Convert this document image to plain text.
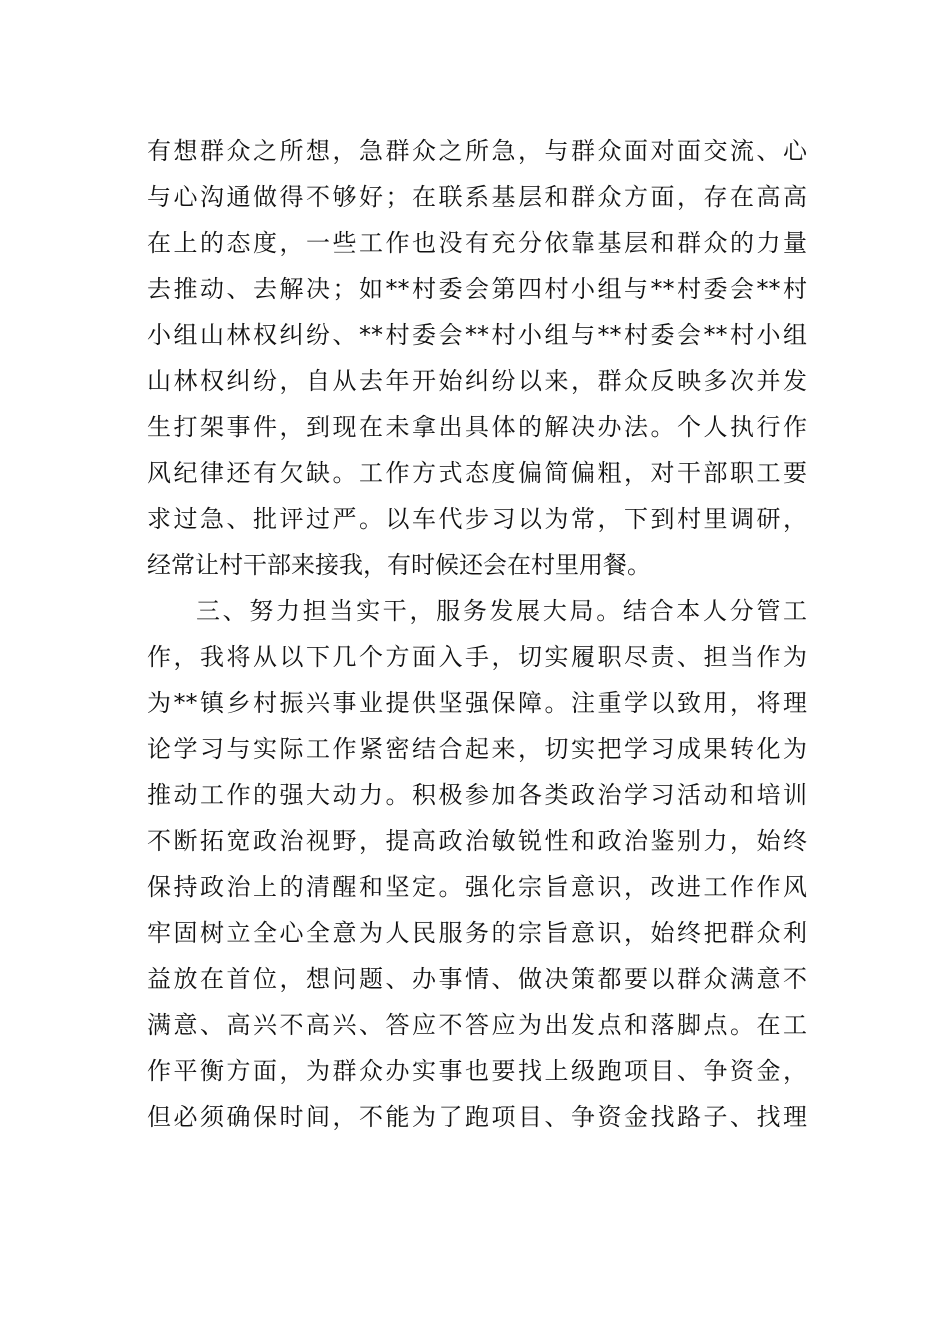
有想群众之所想，急群众之所急，与群众面对面交流、心
与心沟通做得不够好；在联系基层和群众方面，存在高高
在上的态度，一些工作也没有充分依靠基层和群众的力量
去推动、去解决；如**村委会第四村小组与**村委会**村
小组山林权纠纷、**村委会**村小组与**村委会**村小组
山林权纠纷，自从去年开始纠纷以来，群众反映多次并发
生打架事件，到现在未拿出具体的解决办法。个人执行作
风纪律还有欠缺。工作方式态度偏简偏粗，对干部职工要
求过急、批评过严。以车代步习以为常，下到村里调研，
经常让村干部来接我，有时候还会在村里用餐。
三、努力担当实干，服务发展大局。结合本人分管工
作，我将从以下几个方面入手，切实履职尽责、担当作为
为**镇乡村振兴事业提供坚强保障。注重学以致用，将理
论学习与实际工作紧密结合起来，切实把学习成果转化为
推动工作的强大动力。积极参加各类政治学习活动和培训
不断拓宽政治视野，提高政治敏锐性和政治鉴别力，始终
保持政治上的清醒和坚定。强化宗旨意识，改进工作作风
牢固树立全心全意为人民服务的宗旨意识，始终把群众利
益放在首位，想问题、办事情、做决策都要以群众满意不
满意、高兴不高兴、答应不答应为出发点和落脚点。在工
作平衡方面，为群众办实事也要找上级跑项目、争资金，
但必须确保时间，不能为了跑项目、争资金找路子、找理
